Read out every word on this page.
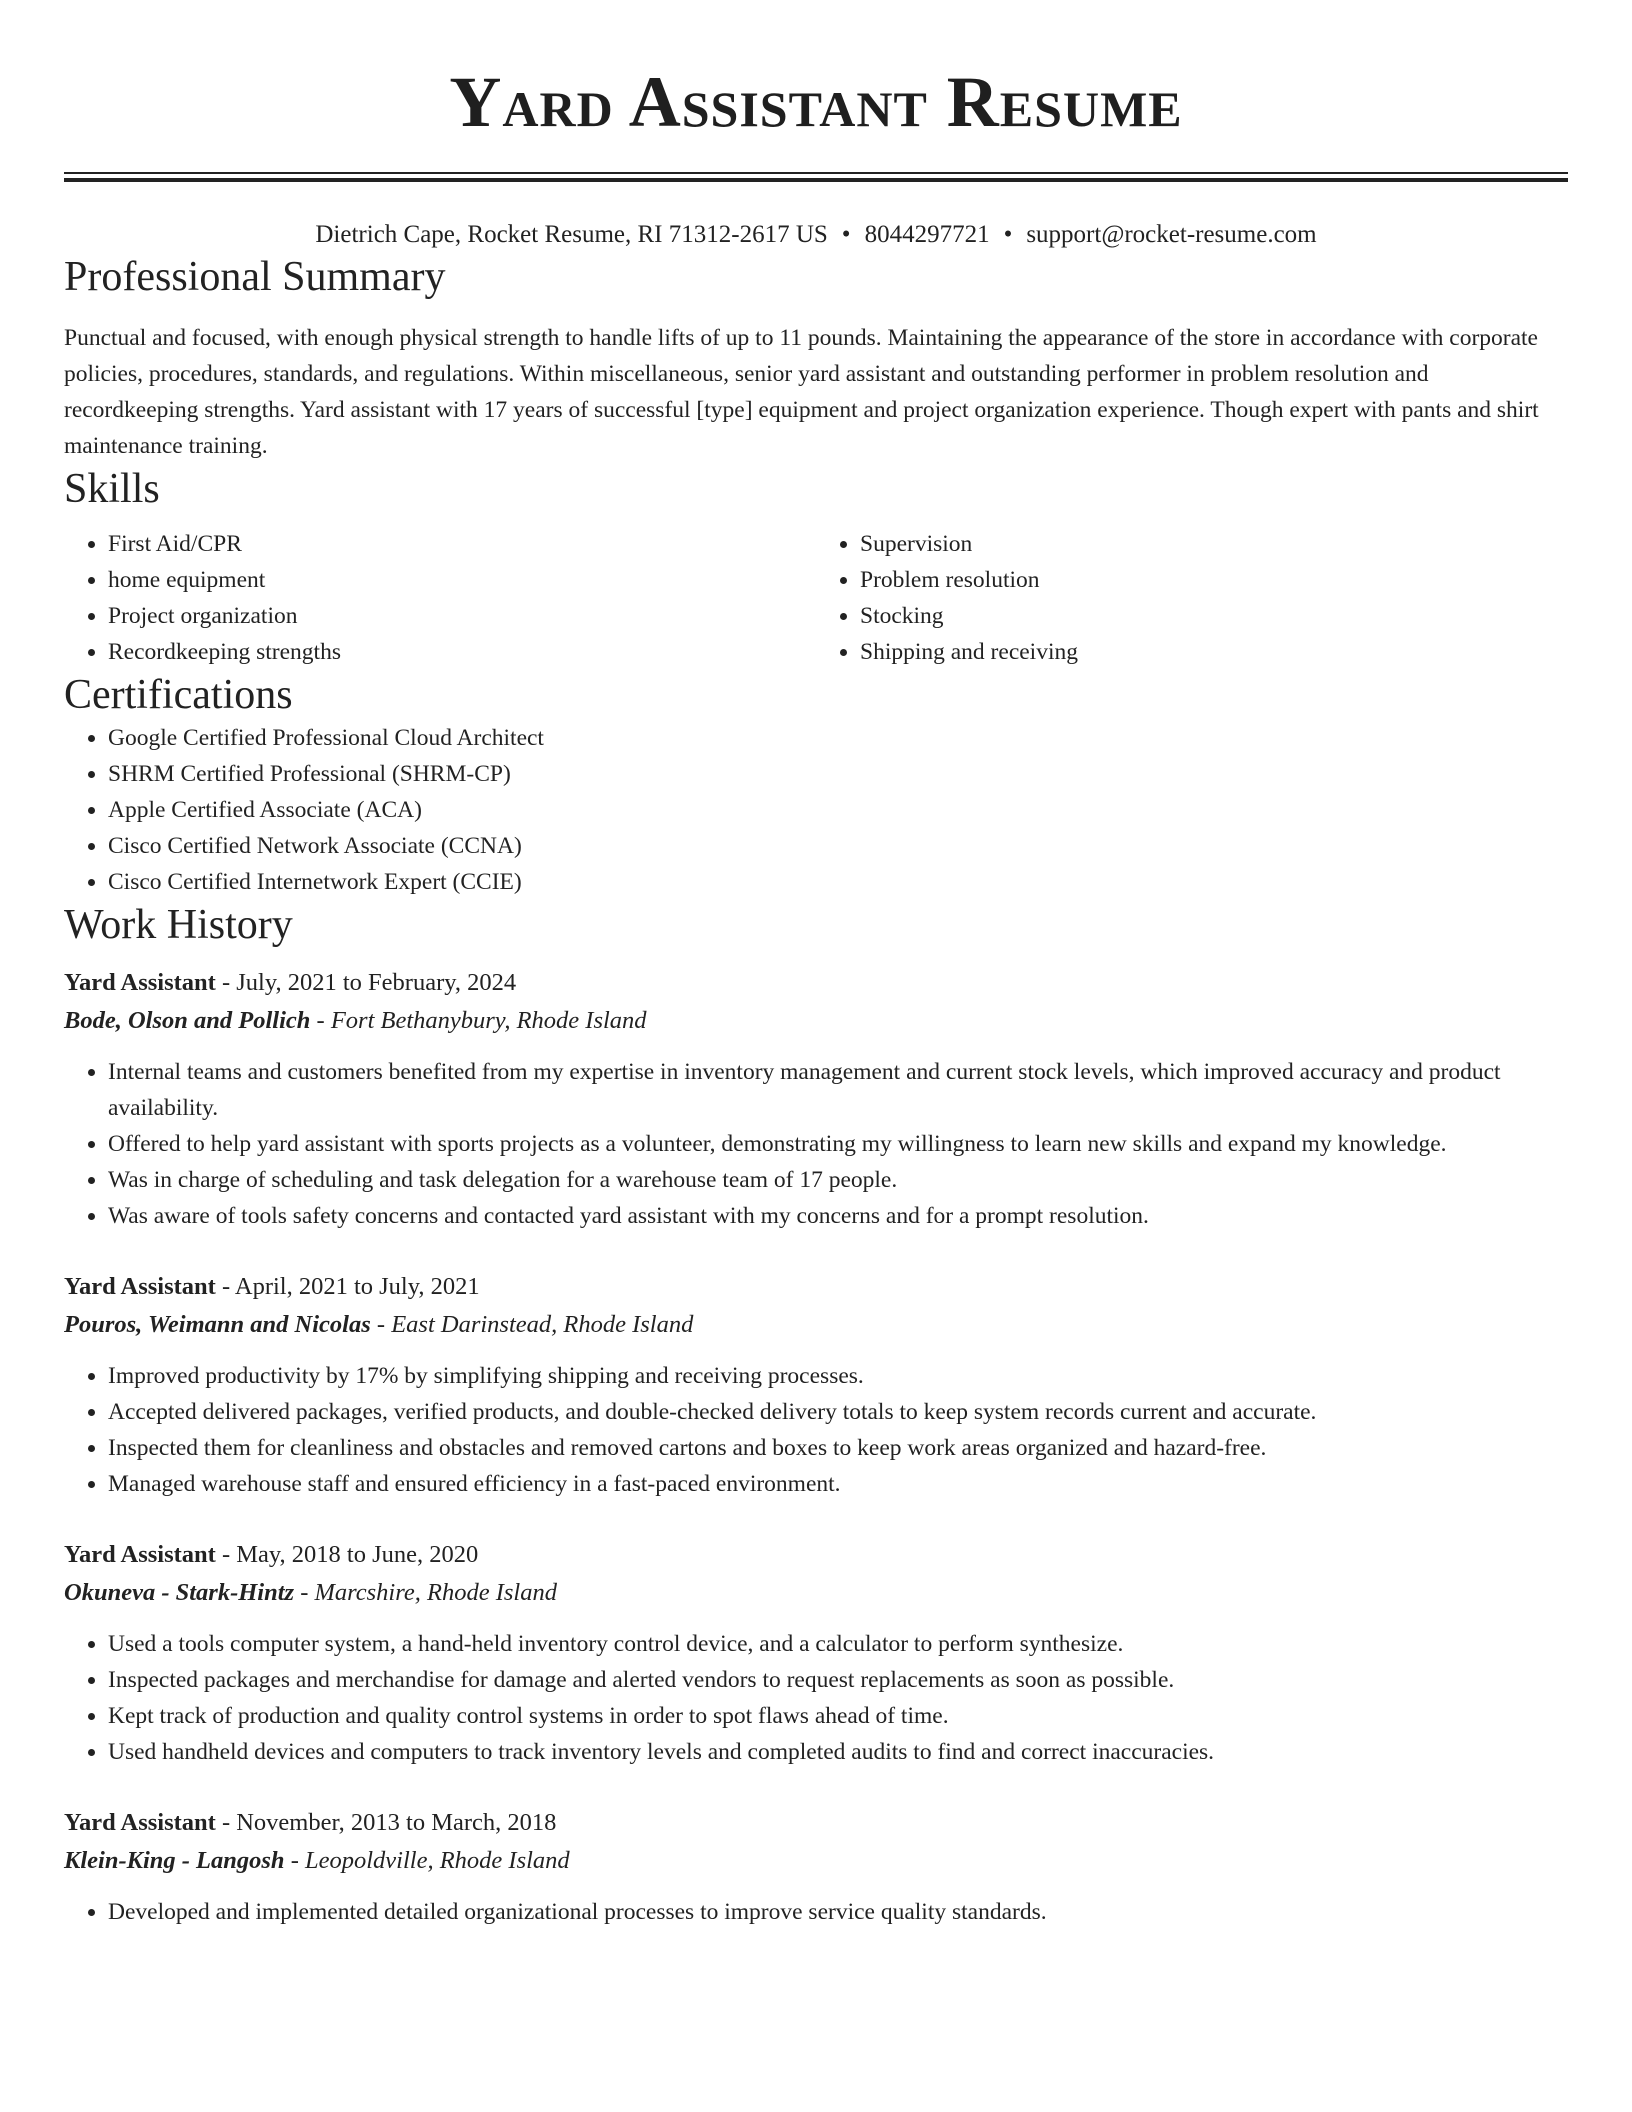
Yard Assistant Resume
Dietrich Cape, Rocket Resume, RI 71312-2617 US • 8044297721 • support@rocket-resume.com
Professional Summary

Punctual and focused, with enough physical strength to handle lifts of up to 11 pounds. Maintaining the appearance of the store in accordance with corporate policies, procedures, standards, and regulations. Within miscellaneous, senior yard assistant and outstanding performer in problem resolution and recordkeeping strengths. Yard assistant with 17 years of successful [type] equipment and project organization experience. Though expert with pants and shirt maintenance training.

Skills
• First Aid/CPR
• home equipment
• Project organization
• Recordkeeping strengths
• Supervision
• Problem resolution
• Stocking
• Shipping and receiving
Certifications
• Google Certified Professional Cloud Architect
• SHRM Certified Professional (SHRM-CP)
• Apple Certified Associate (ACA)
• Cisco Certified Network Associate (CCNA)
• Cisco Certified Internetwork Expert (CCIE)
Work History
Yard Assistant - July, 2021 to February, 2024
Bode, Olson and Pollich - Fort Bethanybury, Rhode Island
• Internal teams and customers benefited from my expertise in inventory management and current stock levels, which improved accuracy and product availability.
• Offered to help yard assistant with sports projects as a volunteer, demonstrating my willingness to learn new skills and expand my knowledge.
• Was in charge of scheduling and task delegation for a warehouse team of 17 people.
• Was aware of tools safety concerns and contacted yard assistant with my concerns and for a prompt resolution.
Yard Assistant - April, 2021 to July, 2021
Pouros, Weimann and Nicolas - East Darinstead, Rhode Island
• Improved productivity by 17% by simplifying shipping and receiving processes.
• Accepted delivered packages, verified products, and double-checked delivery totals to keep system records current and accurate.
• Inspected them for cleanliness and obstacles and removed cartons and boxes to keep work areas organized and hazard-free.
• Managed warehouse staff and ensured efficiency in a fast-paced environment.
Yard Assistant - May, 2018 to June, 2020
Okuneva - Stark-Hintz - Marcshire, Rhode Island
• Used a tools computer system, a hand-held inventory control device, and a calculator to perform synthesize.
• Inspected packages and merchandise for damage and alerted vendors to request replacements as soon as possible.
• Kept track of production and quality control systems in order to spot flaws ahead of time.
• Used handheld devices and computers to track inventory levels and completed audits to find and correct inaccuracies.
Yard Assistant - November, 2013 to March, 2018
Klein-King - Langosh - Leopoldville, Rhode Island
• Developed and implemented detailed organizational processes to improve service quality standards.
